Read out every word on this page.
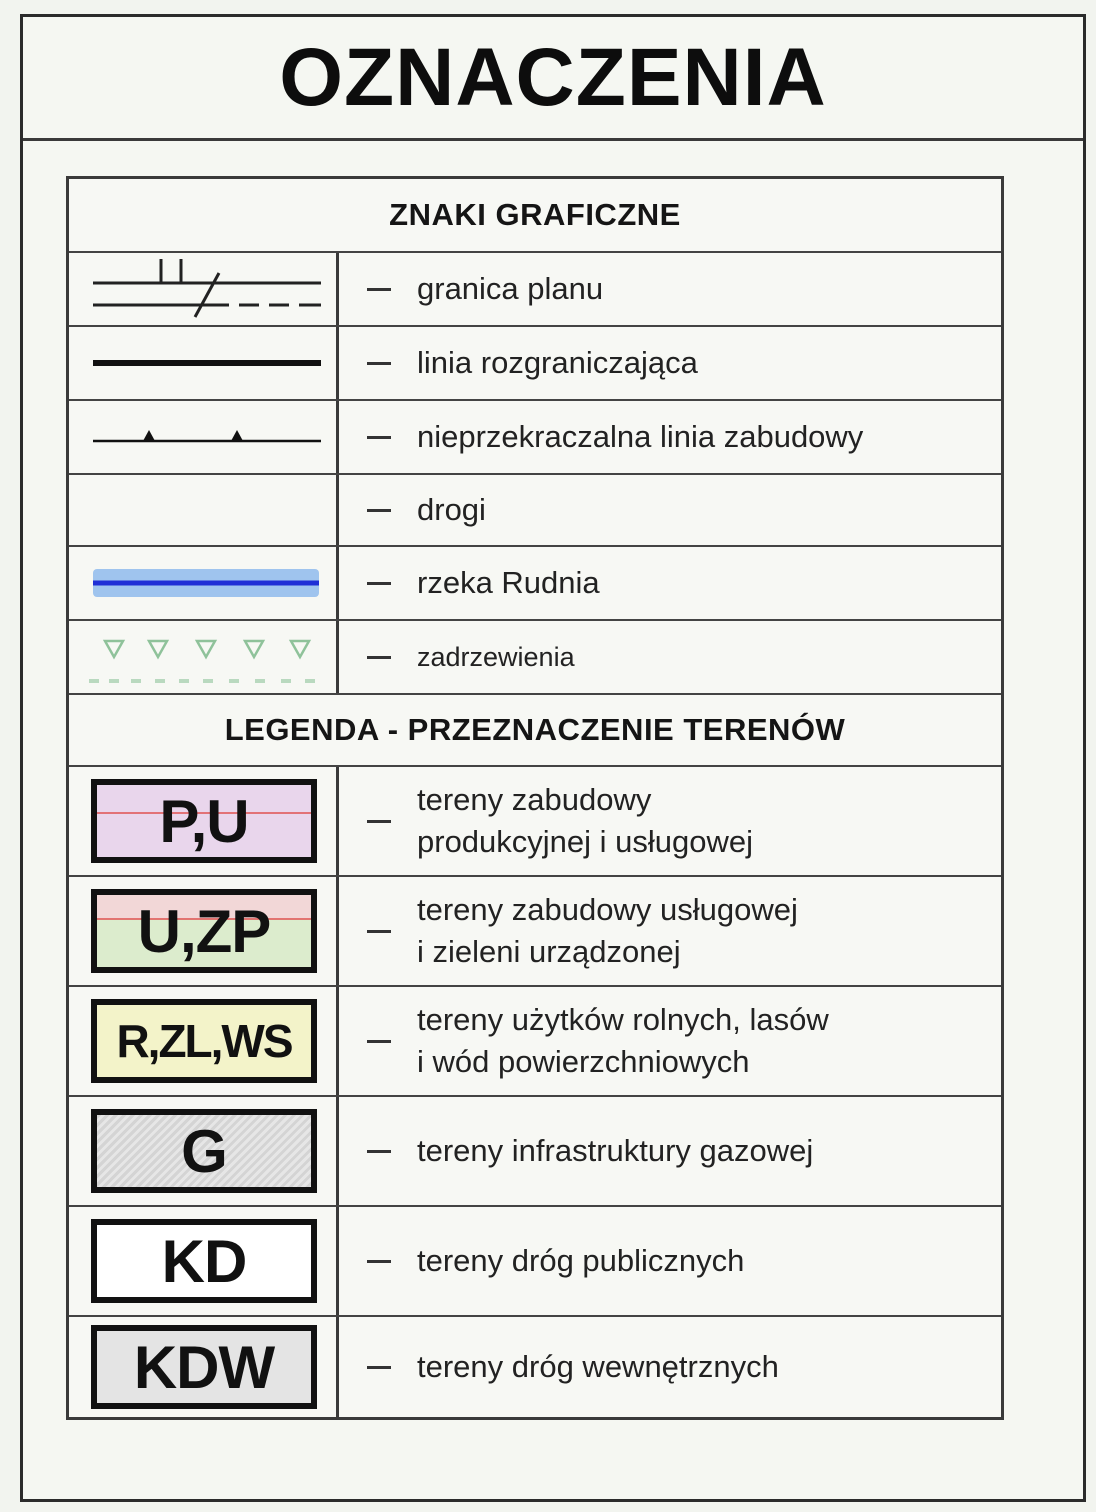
OZNACZENIA
ZNAKI GRAFICZNE
granica planu
linia rozgraniczająca
nieprzekraczalna linia zabudowy
drogi
rzeka Rudnia
zadrzewienia
LEGENDA - PRZEZNACZENIE TERENÓW
P,U	tereny zabudowy
produkcyjnej i usługowej
U,ZP	tereny zabudowy usługowej
i zieleni urządzonej
R,ZL,WS	tereny użytków rolnych, lasów
i wód powierzchniowych
G	tereny infrastruktury gazowej
KD	tereny dróg publicznych
KDW	tereny dróg wewnętrznych
